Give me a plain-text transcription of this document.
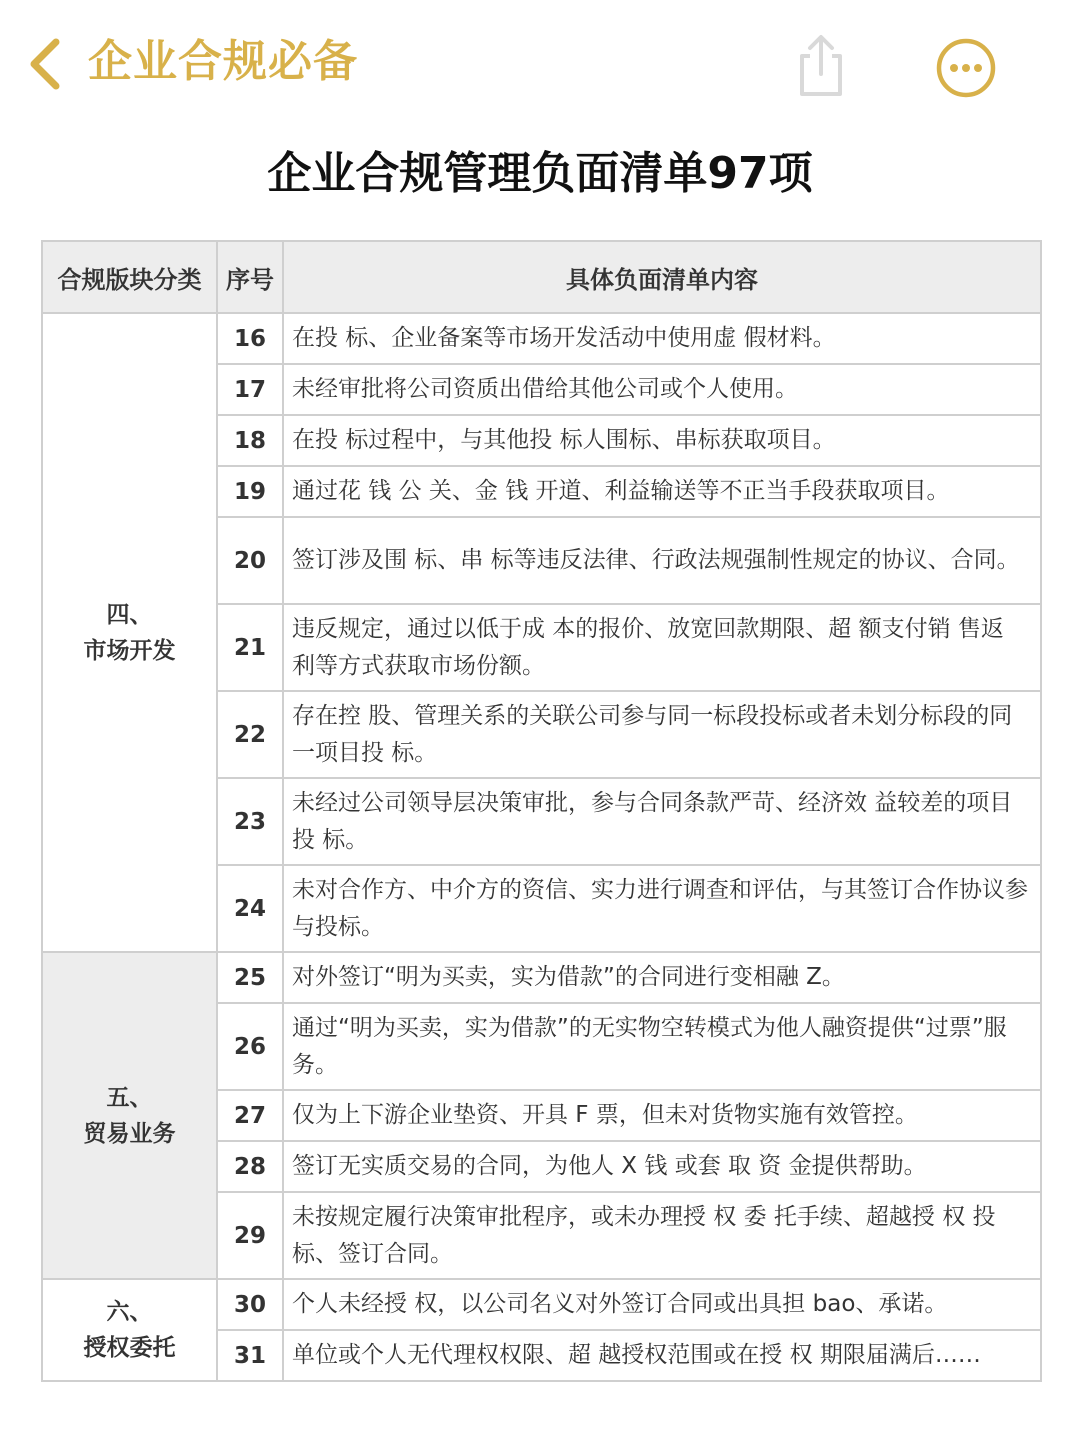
企业合规必备
企业合规管理负面清单97项
合规版块分类	序号	具体负面清单内容

四、
市场开发	16	在投 标、企业备案等市场开发活动中使用虚 假材料。
	17	未经审批将公司资质出借给其他公司或个人使用。
	18	在投 标过程中，与其他投 标人围标、串标获取项目。
	19	通过花 钱 公 关、金 钱 开道、利益输送等不正当手段获取项目。
	20	签订涉及围 标、串 标等违反法律、行政法规强制性规定的协议、合同。
	21	违反规定，通过以低于成 本的报价、放宽回款期限、超 额支付销 售返 利等方式获取市场份额。
	22	存在控 股、管理关系的关联公司参与同一标段投标或者未划分标段的同一项目投 标。
	23	未经过公司领导层决策审批，参与合同条款严苛、经济效 益较差的项目投 标。
	24	未对合作方、中介方的资信、实力进行调查和评估，与其签订合作协议参与投标。

五、
贸易业务	25	对外签订“明为买卖，实为借款”的合同进行变相融 Z。
	26	通过“明为买卖，实为借款”的无实物空转模式为他人融资提供“过票”服务。
	27	仅为上下游企业垫资、开具 F 票，但未对货物实施有效管控。
	28	签订无实质交易的合同，为他人 X 钱 或套 取 资 金提供帮助。
	29	未按规定履行决策审批程序，或未办理授 权 委 托手续、超越授 权 投标、签订合同。

六、
授权委托	30	个人未经授 权，以公司名义对外签订合同或出具担 bao、承诺。
	31	单位或个人无代理权权限、超 越授权范围或在授 权 期限届满后……
